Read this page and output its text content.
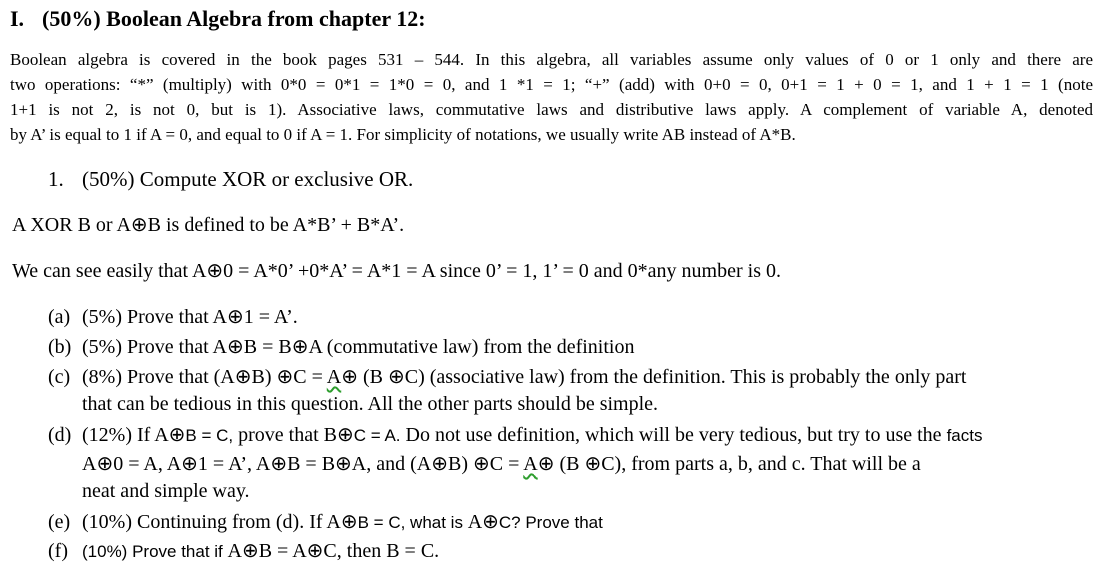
I. (50%) Boolean Algebra from chapter 12:
Boolean algebra is covered in the book pages 531 – 544. In this algebra, all variables assume only values of 0 or 1 only and there are
two operations: “*” (multiply) with 0*0 = 0*1 = 1*0 = 0, and 1 *1 = 1; “+” (add) with 0+0 = 0, 0+1 = 1 + 0 = 1, and 1 + 1 = 1 (note
1+1 is not 2, is not 0, but is 1). Associative laws, commutative laws and distributive laws apply. A complement of variable A, denoted
by A’ is equal to 1 if A = 0, and equal to 0 if A = 1. For simplicity of notations, we usually write AB instead of A*B.
1. (50%) Compute XOR or exclusive OR.
A XOR B or A⊕B is defined to be A*B’ + B*A’.
We can see easily that A⊕0 = A*0’ +0*A’ = A*1 = A since 0’ = 1, 1’ = 0 and 0*any number is 0.
(a) (5%) Prove that A⊕1 = A’.
(b) (5%) Prove that A⊕B = B⊕A (commutative law) from the definition
(c) (8%) Prove that (A⊕B) ⊕C = A⊕ (B ⊕C) (associative law) from the definition. This is probably the only part
that can be tedious in this question. All the other parts should be simple.
(d) (12%) If A⊕B = C, prove that B⊕C = A. Do not use definition, which will be very tedious, but try to use the facts
A⊕0 = A, A⊕1 = A’, A⊕B = B⊕A, and (A⊕B) ⊕C = A⊕ (B ⊕C), from parts a, b, and c. That will be a
neat and simple way.
(e) (10%) Continuing from (d). If A⊕B = C, what is A⊕C? Prove that
(f) (10%) Prove that if A⊕B = A⊕C, then B = C.
